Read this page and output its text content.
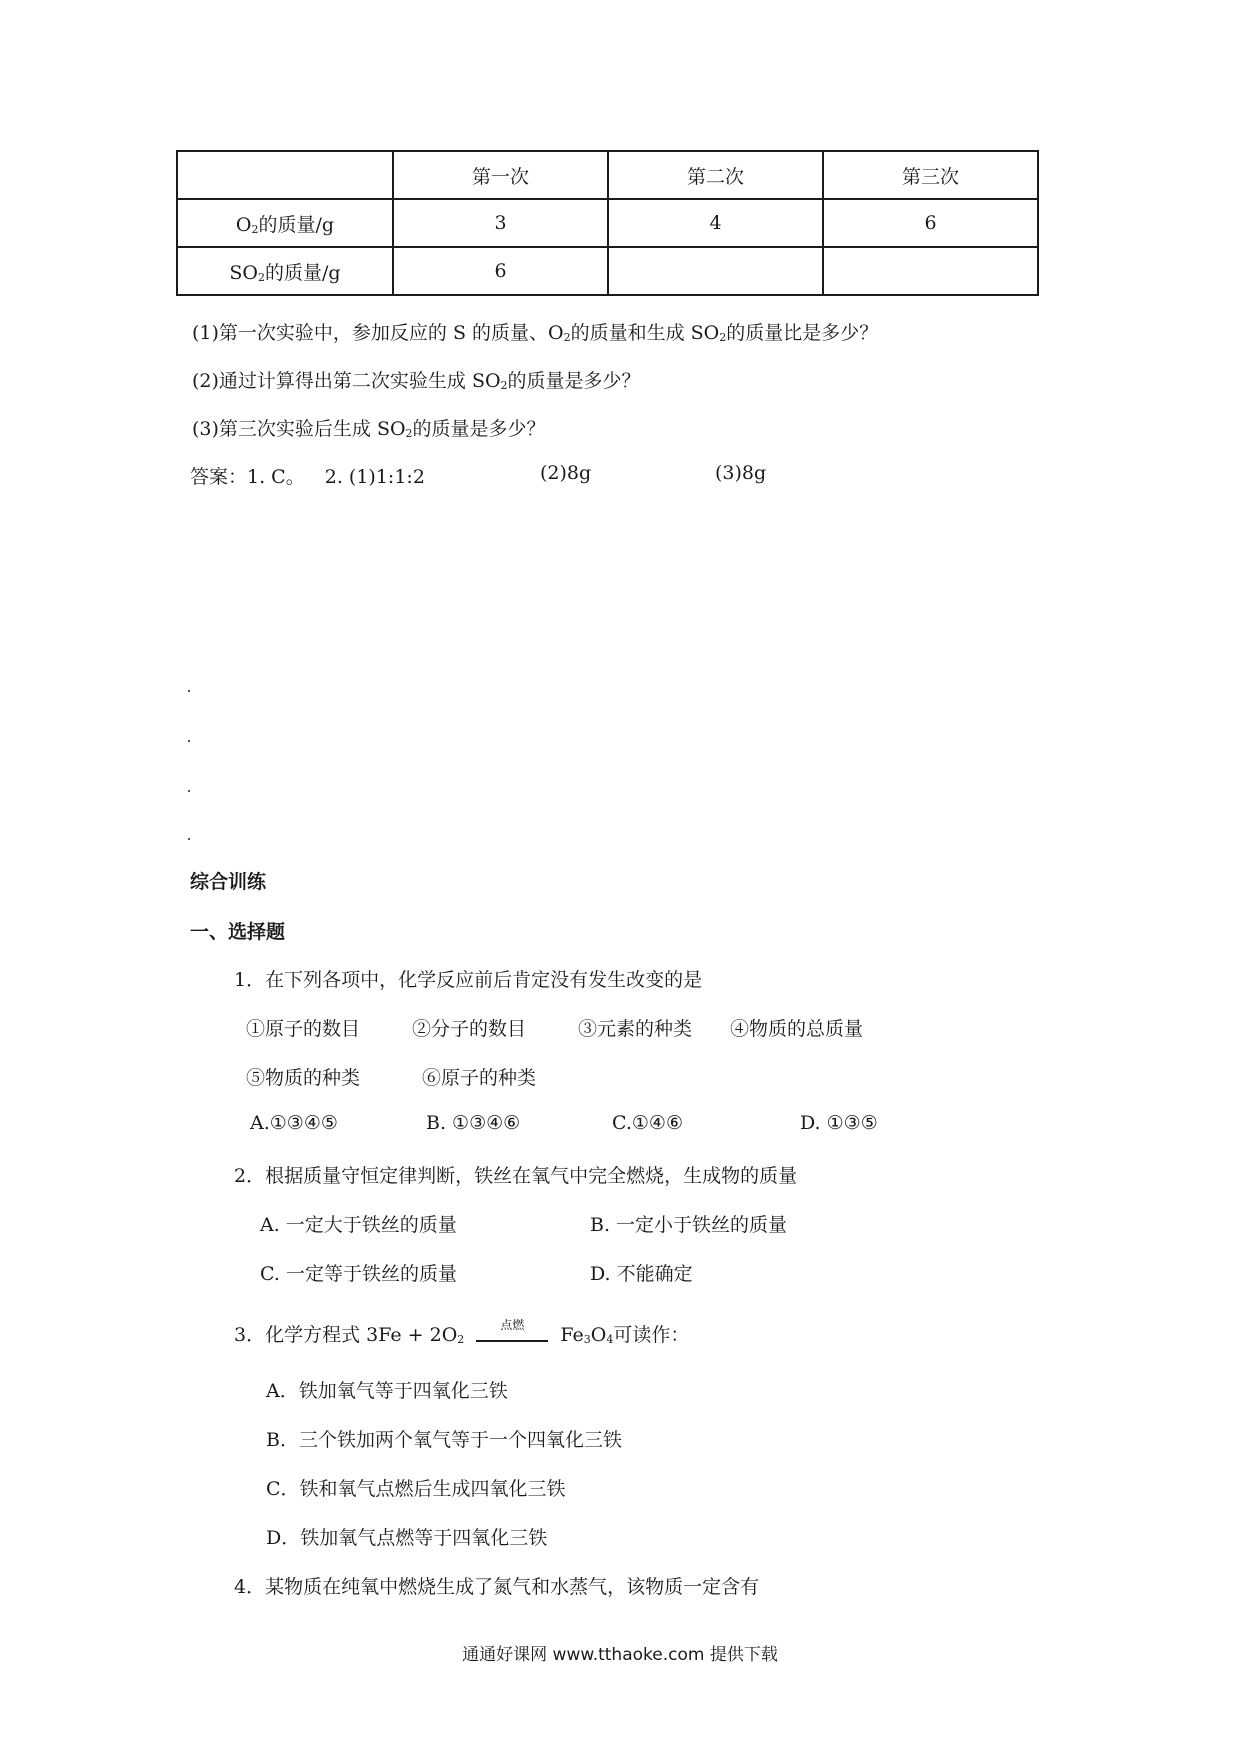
	第一次	第二次	第三次
$O_2$的质量/g	3	4	6
$SO_2$的质量/g	6		
(1)第一次实验中，参加反应的 S 的质量、$O_2$的质量和生成 $SO_2$的质量比是多少？
(2)通过计算得出第二次实验生成 $SO_2$的质量是多少？
(3)第三次实验后生成 $SO_2$的质量是多少？
答案：1. C。 2. (1)1:1:2	(2)8g	(3)8g
综合训练
一、选择题
1．在下列各项中，化学反应前后肯定没有发生改变的是
①原子的数目	②分子的数目	③元素的种类 ④物质的总质量
⑤物质的种类	⑥原子的种类
A.①③④⑤	B. ①③④⑥	C.①④⑥	D. ①③⑤
2．根据质量守恒定律判断，铁丝在氧气中完全燃烧，生成物的质量
A. 一定大于铁丝的质量	B. 一定小于铁丝的质量
C. 一定等于铁丝的质量	D. 不能确定
3．化学方程式 $3Fe + 2O_2$
点燃	$Fe_3O_4$可读作：
A．铁加氧气等于四氧化三铁
B．三个铁加两个氧气等于一个四氧化三铁
C．铁和氧气点燃后生成四氧化三铁
D．铁加氧气点燃等于四氧化三铁
4．某物质在纯氧中燃烧生成了氮气和水蒸气，该物质一定含有
通通好课网 www.tthaoke.com 提供下载
